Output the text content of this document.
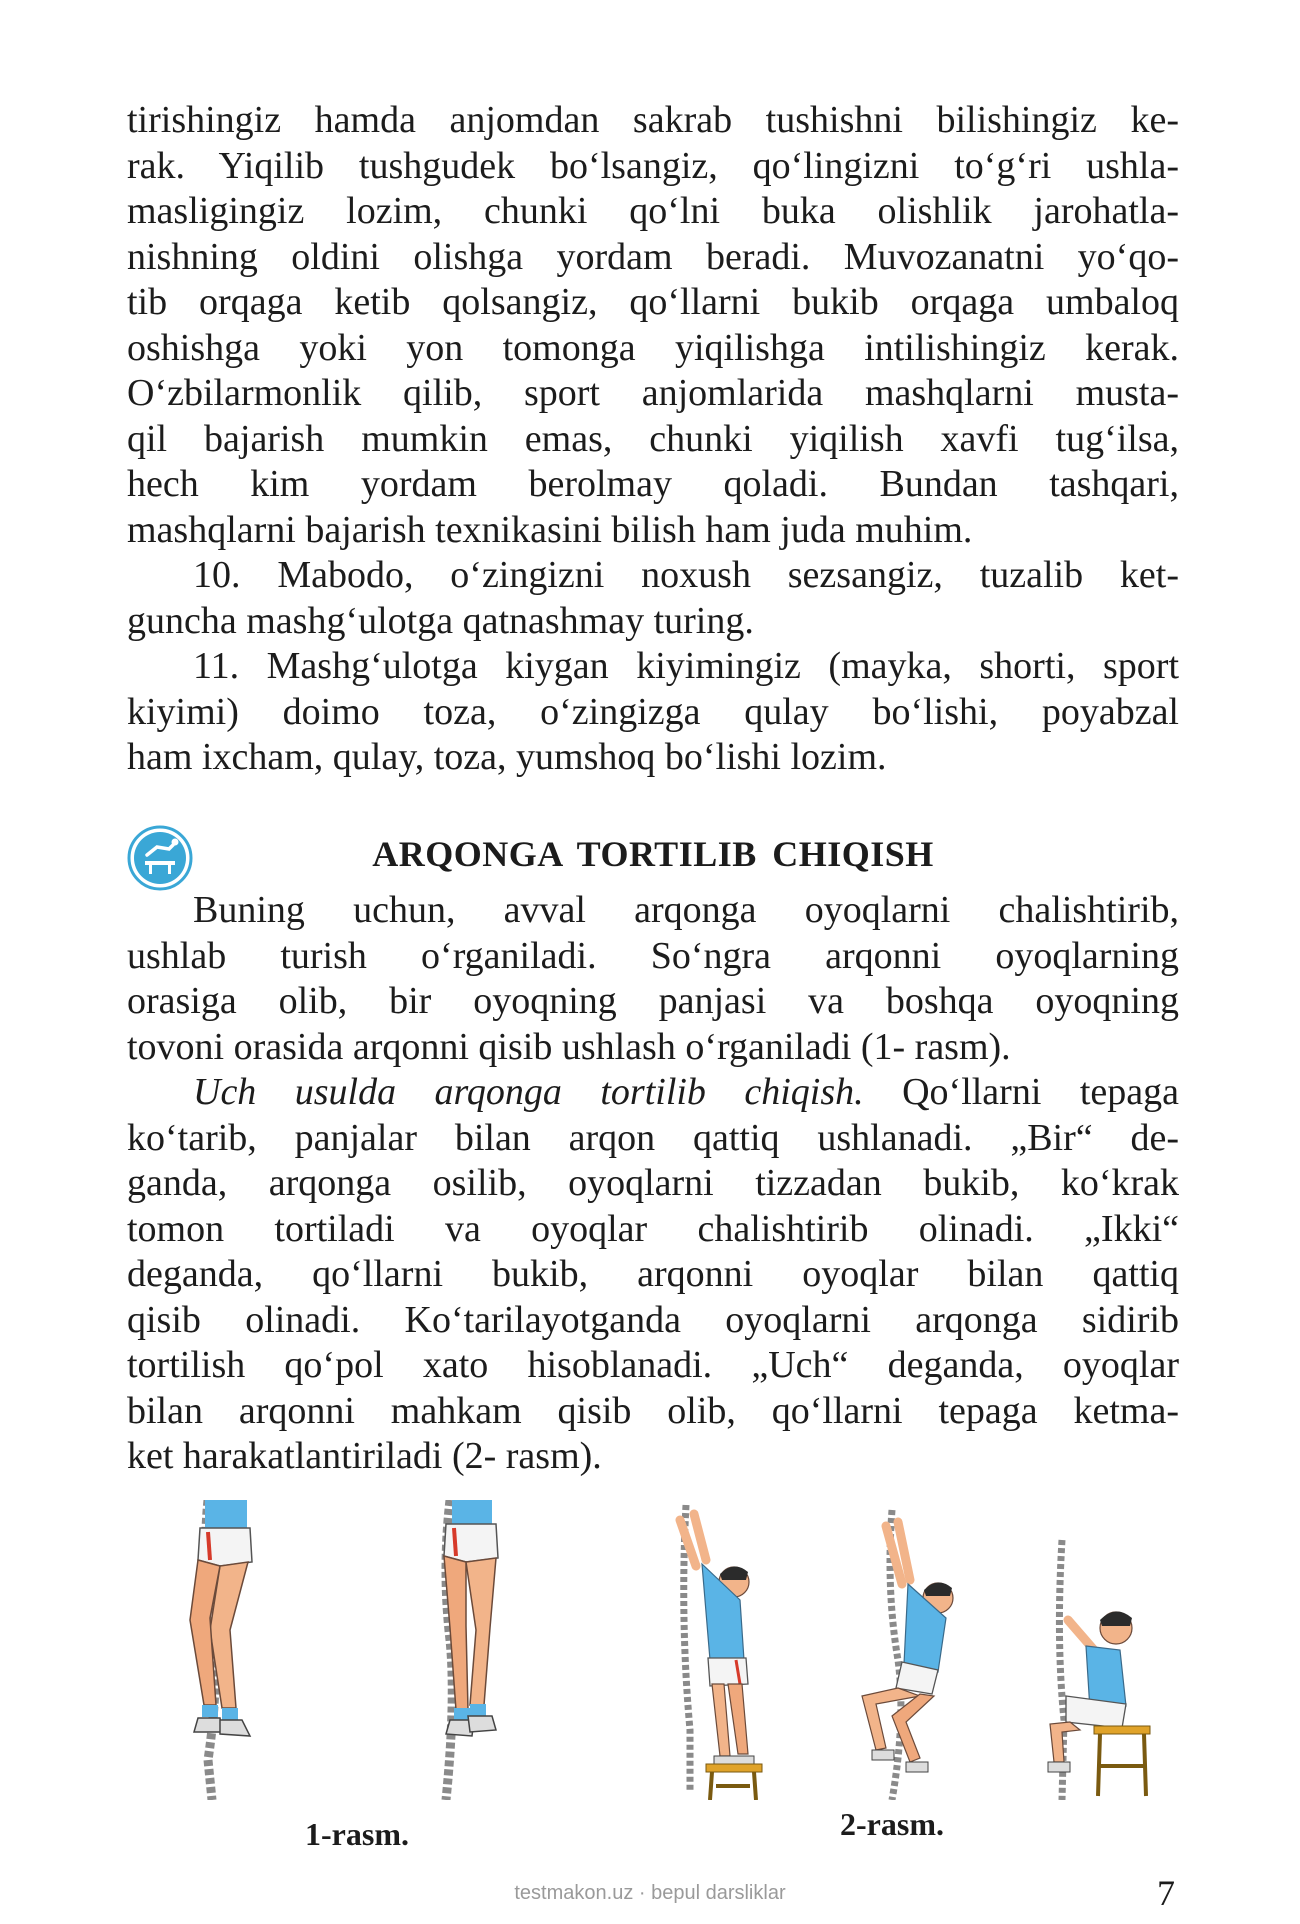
tirishingiz hamda anjomdan sakrab tushishni bilishingiz ke-
rak. Yiqilib tushgudek bo‘lsangiz, qo‘lingizni to‘g‘ri ushla-
masligingiz lozim, chunki qo‘lni buka olishlik jarohatla-
nishning oldini olishga yordam beradi. Muvozanatni yo‘qo-
tib orqaga ketib qolsangiz, qo‘llarni bukib orqaga umbaloq
oshishga yoki yon tomonga yiqilishga intilishingiz kerak.
O‘zbilarmonlik qilib, sport anjomlarida mashqlarni musta-
qil bajarish mumkin emas, chunki yiqilish xavfi tug‘ilsa,
hech kim yordam berolmay qoladi. Bundan tashqari,
mashqlarni bajarish texnikasini bilish ham juda muhim.
10. Mabodo, o‘zingizni noxush sezsangiz, tuzalib ket-
guncha mashg‘ulotga qatnashmay turing.
11. Mashg‘ulotga kiygan kiyimingiz (mayka, shorti, sport
kiyimi) doimo toza, o‘zingizga qulay bo‘lishi, poyabzal
ham ixcham, qulay, toza, yumshoq bo‘lishi lozim.
ARQONGA TORTILIB CHIQISH
Buning uchun, avval arqonga oyoqlarni chalishtirib,
ushlab turish o‘rganiladi. So‘ngra arqonni oyoqlarning
orasiga olib, bir oyoqning panjasi va boshqa oyoqning
tovoni orasida arqonni qisib ushlash o‘rganiladi (1- rasm).
Uch usulda arqonga tortilib chiqish. Qo‘llarni tepaga
ko‘tarib, panjalar bilan arqon qattiq ushlanadi. „Bir“ de-
ganda, arqonga osilib, oyoqlarni tizzadan bukib, ko‘krak
tomon tortiladi va oyoqlar chalishtirib olinadi. „Ikki“
deganda, qo‘llarni bukib, arqonni oyoqlar bilan qattiq
qisib olinadi. Ko‘tarilayotganda oyoqlarni arqonga sidirib
tortilish qo‘pol xato hisoblanadi. „Uch“ deganda, oyoqlar
bilan arqonni mahkam qisib olib, qo‘llarni tepaga ketma-
ket harakatlantiriladi (2- rasm).
1-rasm.	2-rasm.
testmakon.uz · bepul darsliklar	7
